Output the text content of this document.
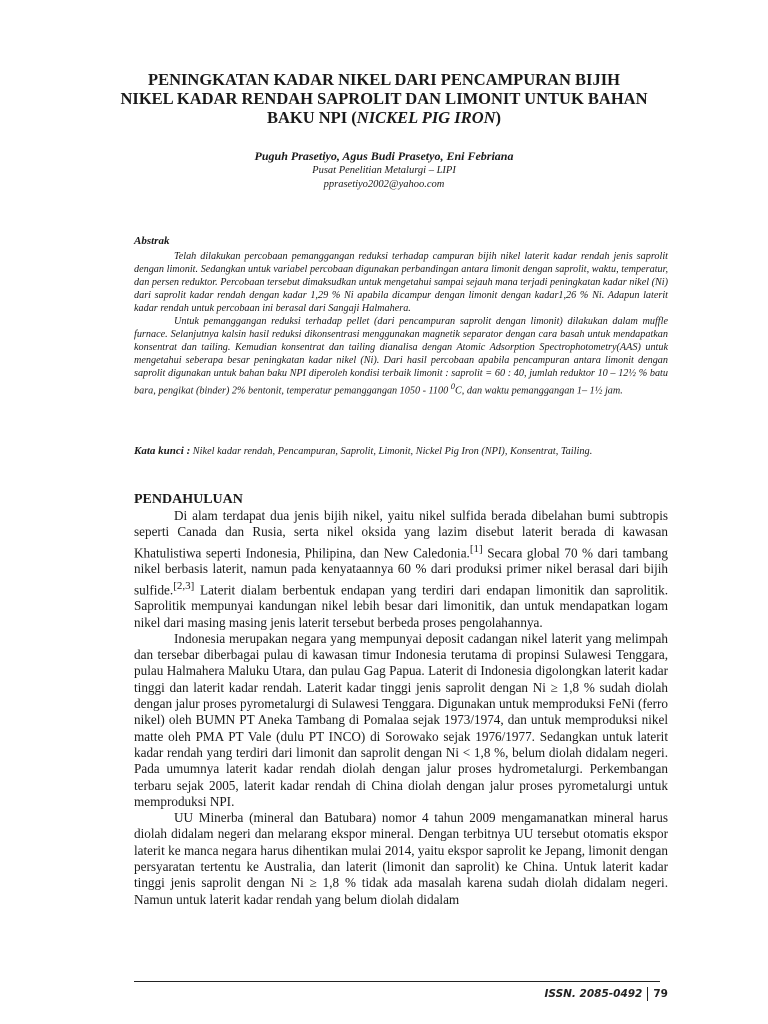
PENINGKATAN KADAR NIKEL DARI PENCAMPURAN BIJIH NIKEL KADAR RENDAH SAPROLIT DAN LIMONIT UNTUK BAHAN BAKU NPI (NICKEL PIG IRON)
Puguh Prasetiyo, Agus Budi Prasetyo, Eni Febriana
Pusat Penelitian Metalurgi – LIPI
pprasetiyo2002@yahoo.com
Abstrak

Telah dilakukan percobaan pemanggangan reduksi terhadap campuran bijih nikel laterit kadar rendah jenis saprolit dengan limonit. Sedangkan untuk variabel percobaan digunakan perbandingan antara limonit dengan saprolit, waktu, temperatur, dan persen reduktor. Percobaan tersebut dimaksudkan untuk mengetahui sampai sejauh mana terjadi peningkatan kadar nikel (Ni) dari saprolit kadar rendah dengan kadar 1,29 % Ni apabila dicampur dengan limonit dengan kadar1,26 % Ni. Adapun laterit kadar rendah untuk percobaan ini berasal dari Sangaji Halmahera.

Untuk pemanggangan reduksi terhadap pellet (dari pencampuran saprolit dengan limonit) dilakukan dalam muffle furnace. Selanjutnya kalsin hasil reduksi dikonsentrasi menggunakan magnetik separator dengan cara basah untuk mendapatkan konsentrat dan tailing. Kemudian konsentrat dan tailing dianalisa dengan Atomic Adsorption Spectrophotometry(AAS) untuk mengetahui seberapa besar peningkatan kadar nikel (Ni). Dari hasil percobaan apabila pencampuran antara limonit dengan saprolit digunakan untuk bahan baku NPI diperoleh kondisi terbaik limonit : saprolit = 60 : 40, jumlah reduktor 10 – 12½ % batu bara, pengikat (binder) 2% bentonit, temperatur pemanggangan 1050 - 1100 $^0$C, dan waktu pemanggangan 1– 1½ jam.

Kata kunci : Nikel kadar rendah, Pencampuran, Saprolit, Limonit, Nickel Pig Iron (NPI), Konsentrat, Tailing.
PENDAHULUAN

Di alam terdapat dua jenis bijih nikel, yaitu nikel sulfida berada dibelahan bumi subtropis seperti Canada dan Rusia, serta nikel oksida yang lazim disebut laterit berada di kawasan Khatulistiwa seperti Indonesia, Philipina, dan New Caledonia.[1] Secara global 70 % dari tambang nikel berbasis laterit, namun pada kenyataannya 60 % dari produksi primer nikel berasal dari bijih sulfide.[2,3] Laterit dialam berbentuk endapan yang terdiri dari endapan limonitik dan saprolitik. Saprolitik mempunyai kandungan nikel lebih besar dari limonitik, dan untuk mendapatkan logam nikel dari masing masing jenis laterit tersebut berbeda proses pengolahannya.

Indonesia merupakan negara yang mempunyai deposit cadangan nikel laterit yang melimpah dan tersebar diberbagai pulau di kawasan timur Indonesia terutama di propinsi Sulawesi Tenggara, pulau Halmahera Maluku Utara, dan pulau Gag Papua. Laterit di Indonesia digolongkan laterit kadar tinggi dan laterit kadar rendah. Laterit kadar tinggi jenis saprolit dengan Ni ≥ 1,8 % sudah diolah dengan jalur proses pyrometalurgi di Sulawesi Tenggara. Digunakan untuk memproduksi FeNi (ferro nikel) oleh BUMN PT Aneka Tambang di Pomalaa sejak 1973/1974, dan untuk memproduksi nikel matte oleh PMA PT Vale (dulu PT INCO) di Sorowako sejak 1976/1977. Sedangkan untuk laterit kadar rendah yang terdiri dari limonit dan saprolit dengan Ni < 1,8 %, belum diolah didalam negeri. Pada umumnya laterit kadar rendah diolah dengan jalur proses hydrometalurgi. Perkembangan terbaru sejak 2005, laterit kadar rendah di China diolah dengan jalur proses pyrometalurgi untuk memproduksi NPI.

UU Minerba (mineral dan Batubara) nomor 4 tahun 2009 mengamanatkan mineral harus diolah didalam negeri dan melarang ekspor mineral. Dengan terbitnya UU tersebut otomatis ekspor laterit ke manca negara harus dihentikan mulai 2014, yaitu ekspor saprolit ke Jepang, limonit dengan persyaratan tertentu ke Australia, dan laterit (limonit dan saprolit) ke China. Untuk laterit kadar tinggi jenis saprolit dengan Ni ≥ 1,8 % tidak ada masalah karena sudah diolah didalam negeri. Namun untuk laterit kadar rendah yang belum diolah didalam

ISSN. 2085-0492 79
